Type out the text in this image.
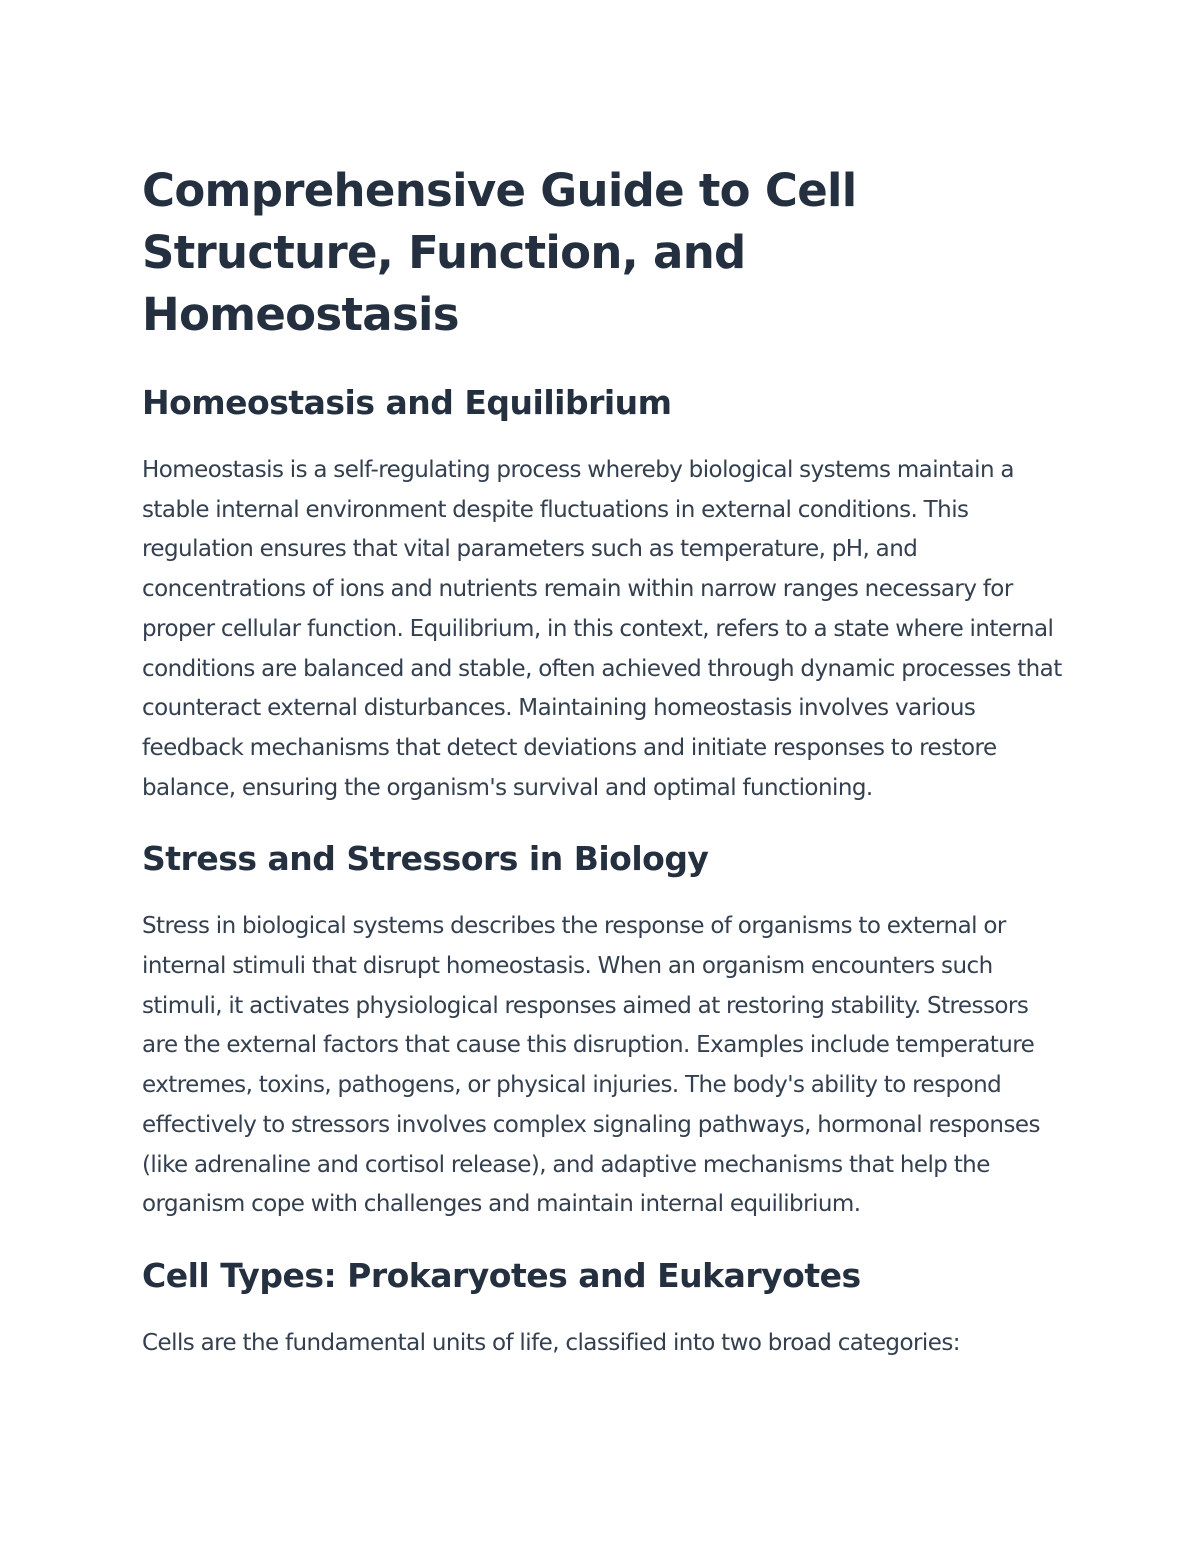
Comprehensive Guide to Cell Structure, Function, and Homeostasis
Homeostasis and Equilibrium

Homeostasis is a self-regulating process whereby biological systems maintain a stable internal environment despite fluctuations in external conditions. This regulation ensures that vital parameters such as temperature, pH, and concentrations of ions and nutrients remain within narrow ranges necessary for proper cellular function. Equilibrium, in this context, refers to a state where internal conditions are balanced and stable, often achieved through dynamic processes that counteract external disturbances. Maintaining homeostasis involves various feedback mechanisms that detect deviations and initiate responses to restore balance, ensuring the organism's survival and optimal functioning.

Stress and Stressors in Biology

Stress in biological systems describes the response of organisms to external or internal stimuli that disrupt homeostasis. When an organism encounters such stimuli, it activates physiological responses aimed at restoring stability. Stressors are the external factors that cause this disruption. Examples include temperature extremes, toxins, pathogens, or physical injuries. The body's ability to respond effectively to stressors involves complex signaling pathways, hormonal responses (like adrenaline and cortisol release), and adaptive mechanisms that help the organism cope with challenges and maintain internal equilibrium.

Cell Types: Prokaryotes and Eukaryotes

Cells are the fundamental units of life, classified into two broad categories:
